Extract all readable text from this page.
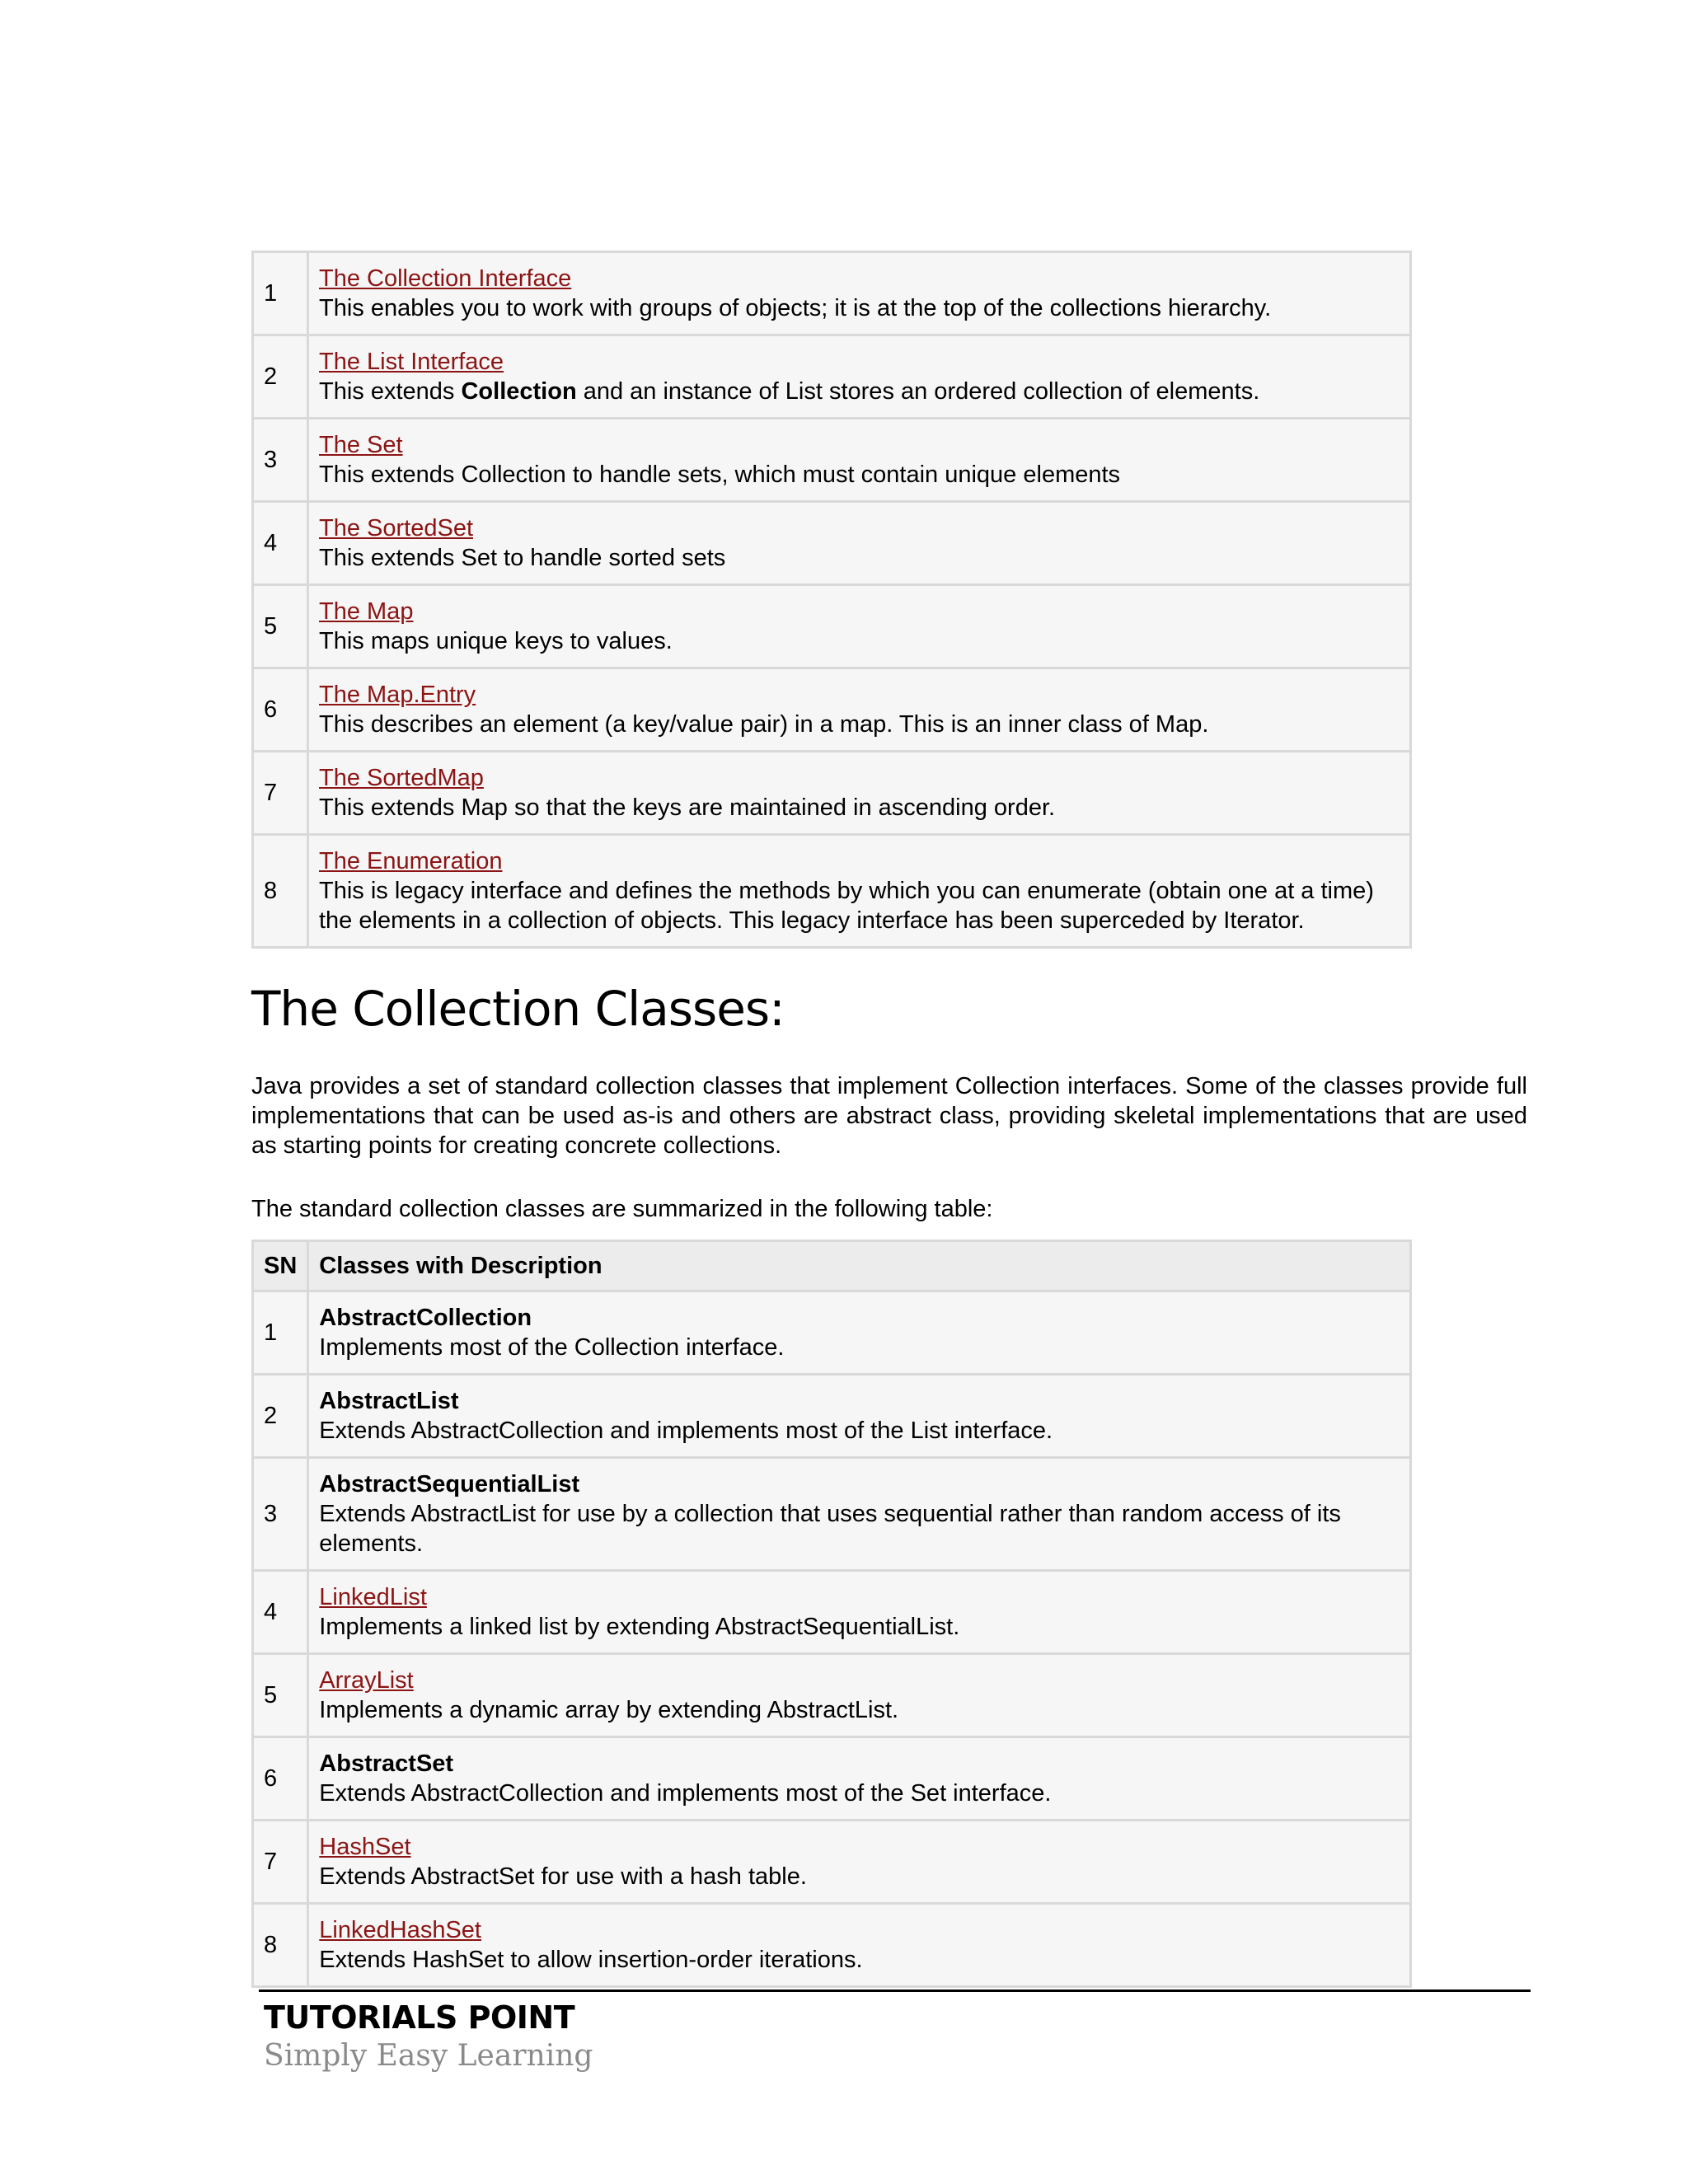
1	The Collection Interface
This enables you to work with groups of objects; it is at the top of the collections hierarchy.
2	The List Interface
This extends Collection and an instance of List stores an ordered collection of elements.
3	The Set
This extends Collection to handle sets, which must contain unique elements
4	The SortedSet
This extends Set to handle sorted sets
5	The Map
This maps unique keys to values.
6	The Map.Entry
This describes an element (a key/value pair) in a map. This is an inner class of Map.
7	The SortedMap
This extends Map so that the keys are maintained in ascending order.
8	The Enumeration
This is legacy interface and defines the methods by which you can enumerate (obtain one at a time) the elements in a collection of objects. This legacy interface has been superceded by Iterator.
The Collection Classes:

Java provides a set of standard collection classes that implement Collection interfaces. Some of the classes provide full implementations that can be used as-is and others are abstract class, providing skeletal implementations that are used as starting points for creating concrete collections.

The standard collection classes are summarized in the following table:

SN	Classes with Description
1	AbstractCollection
Implements most of the Collection interface.
2	AbstractList
Extends AbstractCollection and implements most of the List interface.
3	AbstractSequentialList
Extends AbstractList for use by a collection that uses sequential rather than random access of its elements.
4	LinkedList
Implements a linked list by extending AbstractSequentialList.
5	ArrayList
Implements a dynamic array by extending AbstractList.
6	AbstractSet
Extends AbstractCollection and implements most of the Set interface.
7	HashSet
Extends AbstractSet for use with a hash table.
8	LinkedHashSet
Extends HashSet to allow insertion-order iterations.
TUTORIALS POINT
Simply Easy Learning
